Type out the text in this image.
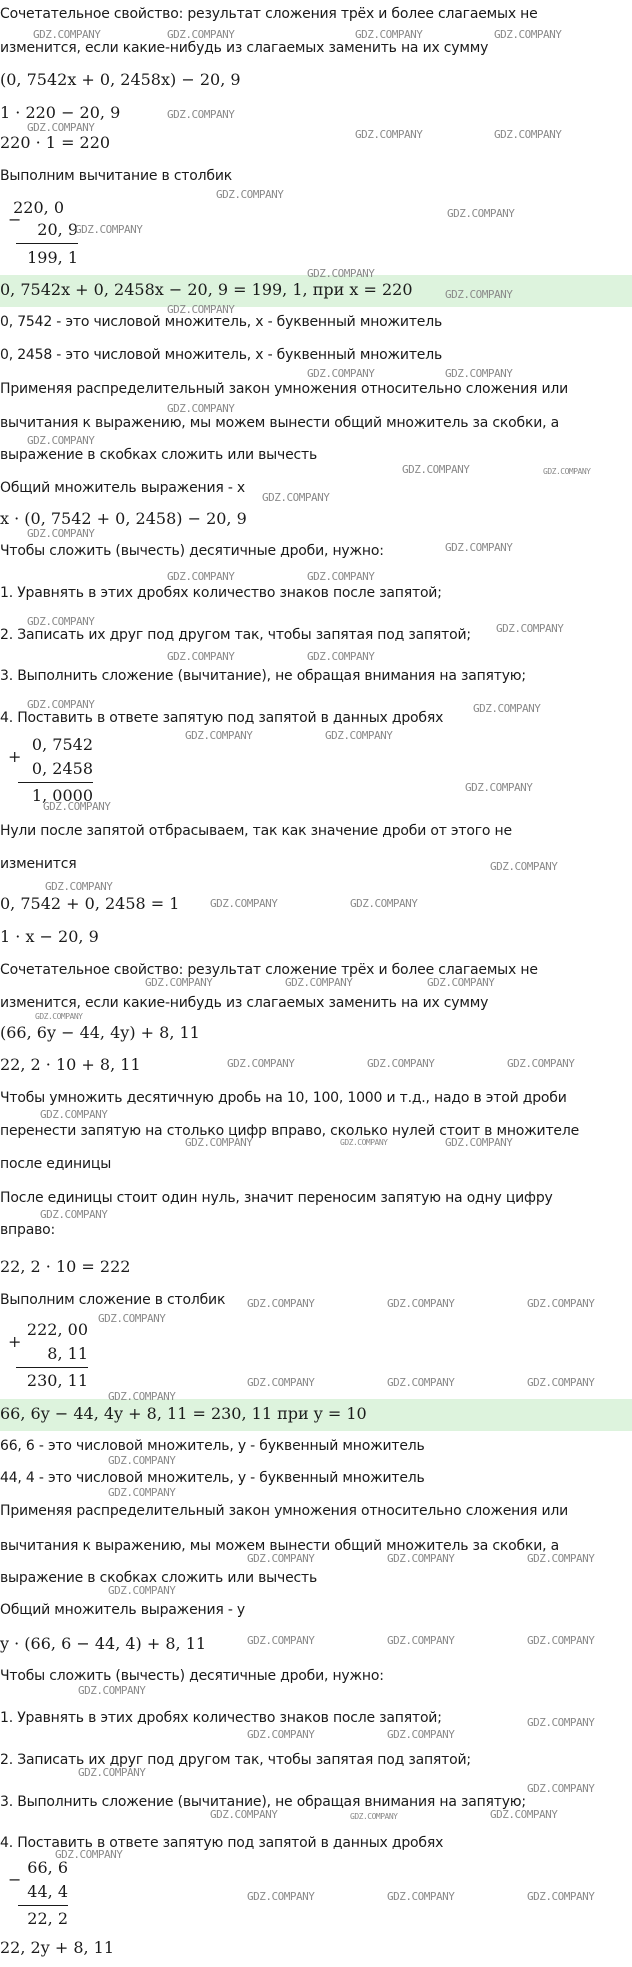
Сочетательное свойство: результат сложения трёх и более слагаемых не
изменится, если какие-нибудь из слагаемых заменить на их сумму
(0, 7542x + 0, 2458x) − 20, 9
1 · 220 − 20, 9
220 · 1 = 220
Выполним вычитание в столбик
−
220, 0
20, 9
199, 1
0, 7542x + 0, 2458x − 20, 9 = 199, 1, при x = 220
0, 7542 - это числовой множитель, x - буквенный множитель
0, 2458 - это числовой множитель, х - буквенный множитель
Применяя распределительный закон умножения относительно сложения или
вычитания к выражению, мы можем вынести общий множитель за скобки, а
выражение в скобках сложить или вычесть
Общий множитель выражения - x
x · (0, 7542 + 0, 2458) − 20, 9
Чтобы сложить (вычесть) десятичные дроби, нужно:
1. Уравнять в этих дробях количество знаков после запятой;
2. Записать их друг под другом так, чтобы запятая под запятой;
3. Выполнить сложение (вычитание), не обращая внимания на запятую;
4. Поставить в ответе запятую под запятой в данных дробях
+
0, 7542
0, 2458
1, 0000
Нули после запятой отбрасываем, так как значение дроби от этого не
изменится
0, 7542 + 0, 2458 = 1
1 · x − 20, 9
Сочетательное свойство: результат сложение трёх и более слагаемых не
изменится, если какие-нибудь из слагаемых заменить на их сумму
(66, 6y − 44, 4y) + 8, 11
22, 2 · 10 + 8, 11
Чтобы умножить десятичную дробь на 10, 100, 1000 и т.д., надо в этой дроби
перенести запятую на столько цифр вправо, сколько нулей стоит в множителе
после единицы
После единицы стоит один нуль, значит переносим запятую на одну цифру
вправо:
22, 2 · 10 = 222
Выполним сложение в столбик
+
222, 00
8, 11
230, 11
66, 6y − 44, 4y + 8, 11 = 230, 11 при y = 10
66, 6 - это числовой множитель, y - буквенный множитель
44, 4 - это числовой множитель, y - буквенный множитель
Применяя распределительный закон умножения относительно сложения или
вычитания к выражению, мы можем вынести общий множитель за скобки, а
выражение в скобках сложить или вычесть
Общий множитель выражения - y
y · (66, 6 − 44, 4) + 8, 11
Чтобы сложить (вычесть) десятичные дроби, нужно:
1. Уравнять в этих дробях количество знаков после запятой;
2. Записать их друг под другом так, чтобы запятая под запятой;
3. Выполнить сложение (вычитание), не обращая внимания на запятую;
4. Поставить в ответе запятую под запятой в данных дробях
−
66, 6
44, 4
22, 2
22, 2y + 8, 11
GDZ.COMPANY	GDZ.COMPANY	GDZ.COMPANY	GDZ.COMPANY
GDZ.COMPANY
GDZ.COMPANY
GDZ.COMPANY	GDZ.COMPANY
GDZ.COMPANY
GDZ.COMPANY
GDZ.COMPANY
GDZ.COMPANY
GDZ.COMPANY
GDZ.COMPANY
GDZ.COMPANY	GDZ.COMPANY
GDZ.COMPANY
GDZ.COMPANY
GDZ.COMPANY	GDZ.COMPANY
GDZ.COMPANY
GDZ.COMPANY
GDZ.COMPANY
GDZ.COMPANY	GDZ.COMPANY
GDZ.COMPANY
GDZ.COMPANY
GDZ.COMPANY	GDZ.COMPANY
GDZ.COMPANY	GDZ.COMPANY
GDZ.COMPANY	GDZ.COMPANY
GDZ.COMPANY
GDZ.COMPANY
GDZ.COMPANY
GDZ.COMPANY
GDZ.COMPANY	GDZ.COMPANY
GDZ.COMPANY	GDZ.COMPANY	GDZ.COMPANY
GDZ.COMPANY
GDZ.COMPANY	GDZ.COMPANY	GDZ.COMPANY
GDZ.COMPANY
GDZ.COMPANY	GDZ.COMPANY	GDZ.COMPANY
GDZ.COMPANY
GDZ.COMPANY	GDZ.COMPANY	GDZ.COMPANY
GDZ.COMPANY
GDZ.COMPANY	GDZ.COMPANY	GDZ.COMPANY
GDZ.COMPANY
GDZ.COMPANY
GDZ.COMPANY
GDZ.COMPANY	GDZ.COMPANY	GDZ.COMPANY
GDZ.COMPANY
GDZ.COMPANY	GDZ.COMPANY	GDZ.COMPANY
GDZ.COMPANY
GDZ.COMPANY
GDZ.COMPANY	GDZ.COMPANY
GDZ.COMPANY
GDZ.COMPANY
GDZ.COMPANY	GDZ.COMPANY	GDZ.COMPANY
GDZ.COMPANY
GDZ.COMPANY	GDZ.COMPANY	GDZ.COMPANY
